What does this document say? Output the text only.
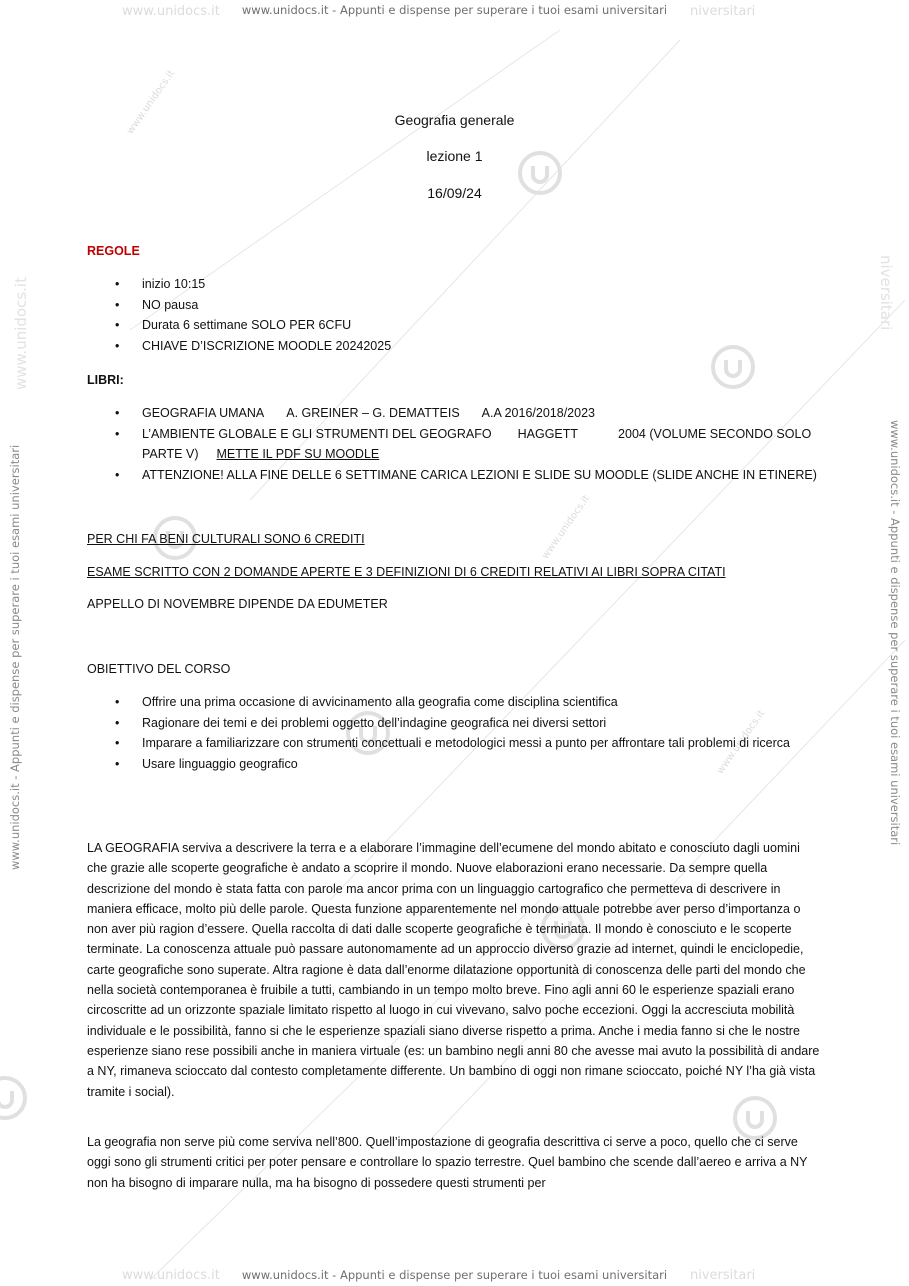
www.unidocs.it	niversitari
www.unidocs.it - Appunti e dispense per superare i tuoi esami universitari
www.unidocs.it	niversitari
www.unidocs.it - Appunti e dispense per superare i tuoi esami universitari
www.unidocs.it - Appunti e dispense per superare i tuoi esami universitari	www.unidocs.it - Appunti e dispense per superare i tuoi esami universitari
www.unidocs.it	niversitari
www.unidocs.it
www.unidocs.it
www.unidocs.it
Geografia generale
lezione 1
16/09/24
REGOLE
• inizio 10:15
• NO pausa
• Durata 6 settimane SOLO PER 6CFU
• CHIAVE D’ISCRIZIONE MOODLE 20242025
LIBRI:
• GEOGRAFIA UMANA A. GREINER – G. DEMATTEIS A.A 2016/2018/2023
• L’AMBIENTE GLOBALE E GLI STRUMENTI DEL GEOGRAFO HAGGETT	2004 (VOLUME SECONDO SOLO
PARTE V) METTE IL PDF SU MOODLE
• ATTENZIONE! ALLA FINE DELLE 6 SETTIMANE CARICA LEZIONI E SLIDE SU MOODLE (SLIDE ANCHE IN ETINERE)
PER CHI FA BENI CULTURALI SONO 6 CREDITI
ESAME SCRITTO CON 2 DOMANDE APERTE E 3 DEFINIZIONI DI 6 CREDITI RELATIVI AI LIBRI SOPRA CITATI
APPELLO DI NOVEMBRE DIPENDE DA EDUMETER
OBIETTIVO DEL CORSO
• Offrire una prima occasione di avvicinamento alla geografia come disciplina scientifica
• Ragionare dei temi e dei problemi oggetto dell’indagine geografica nei diversi settori
• Imparare a familiarizzare con strumenti concettuali e metodologici messi a punto per affrontare tali problemi di ricerca
• Usare linguaggio geografico

LA GEOGRAFIA serviva a descrivere la terra e a elaborare l’immagine dell’ecumene del mondo abitato e conosciuto dagli uomini che grazie alle scoperte geografiche è andato a scoprire il mondo. Nuove elaborazioni erano necessarie. Da sempre quella descrizione del mondo è stata fatta con parole ma ancor prima con un linguaggio cartografico che permetteva di descrivere in maniera efficace, molto più delle parole. Questa funzione apparentemente nel mondo attuale potrebbe aver perso d’importanza o non aver più ragion d’essere. Quella raccolta di dati dalle scoperte geografiche è terminata. Il mondo è conosciuto e le scoperte terminate. La conoscenza attuale può passare autonomamente ad un approccio diverso grazie ad internet, quindi le enciclopedie, carte geografiche sono superate. Altra ragione è data dall’enorme dilatazione opportunità di conoscenza delle parti del mondo che nella società contemporanea è fruibile a tutti, cambiando in un tempo molto breve. Fino agli anni 60 le esperienze spaziali erano circoscritte ad un orizzonte spaziale limitato rispetto al luogo in cui vivevano, salvo poche eccezioni. Oggi la accresciuta mobilità individuale e le possibilità, fanno si che le esperienze spaziali siano diverse rispetto a prima. Anche i media fanno si che le nostre esperienze siano rese possibili anche in maniera virtuale (es: un bambino negli anni 80 che avesse mai avuto la possibilità di andare a NY, rimaneva scioccato dal contesto completamente differente. Un bambino di oggi non rimane scioccato, poiché NY l’ha già vista tramite i social).

La geografia non serve più come serviva nell’800. Quell’impostazione di geografia descrittiva ci serve a poco, quello che ci serve oggi sono gli strumenti critici per poter pensare e controllare lo spazio terrestre. Quel bambino che scende dall’aereo e arriva a NY non ha bisogno di imparare nulla, ma ha bisogno di possedere questi strumenti per
